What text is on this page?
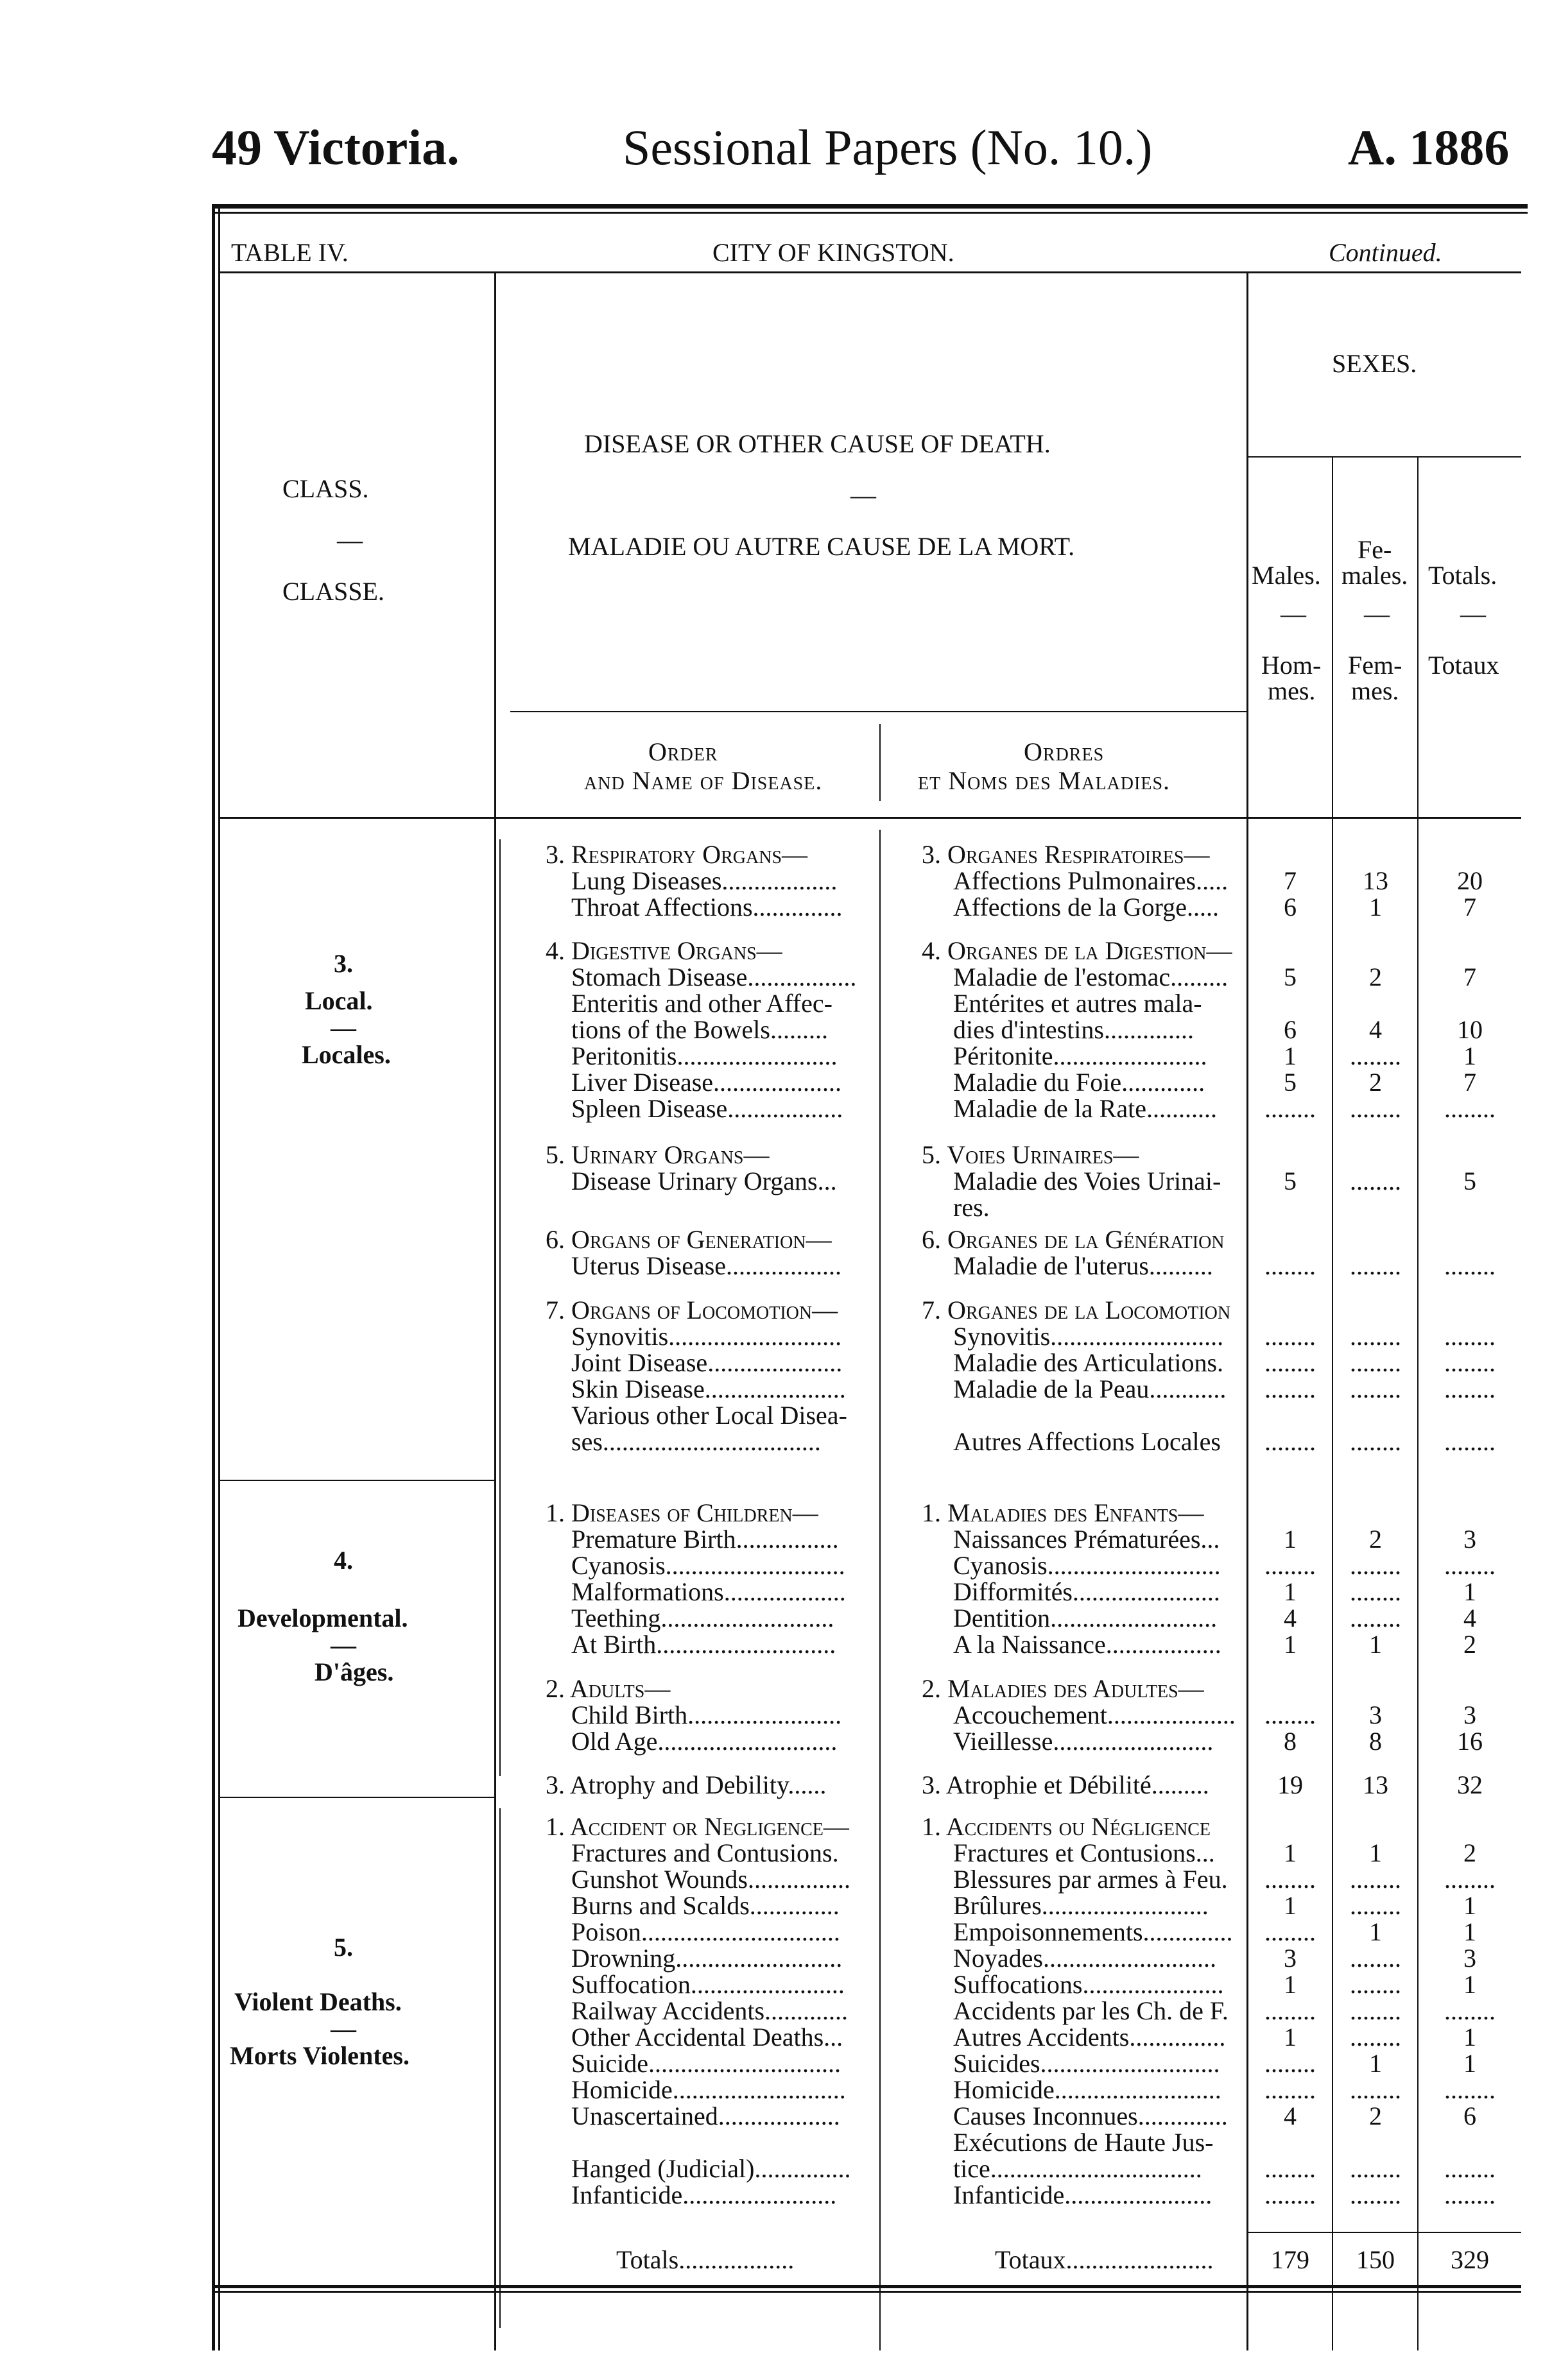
49 Victoria.	Sessional Papers (No. 10.)	A. 1886
TABLE IV.	CITY OF KINGSTON.	Continued.
CLASS.
—
CLASSE.
DISEASE OR OTHER CAUSE OF DEATH.
—
MALADIE OU AUTRE CAUSE DE LA MORT.
Order
and Name of Disease.
Ordres
et Noms des Maladies.
SEXES.
Males.
—
Hom-
mes.
Fe-
males.
—
Fem-
mes.
Totals.
—
Totaux
3.
Local.
—
Locales.
4.
Developmental.
—
D'âges.
5.
Violent Deaths.
—
Morts Violentes.
3. Respiratory Organs—	3. Organes Respiratoires—
Lung Diseases..................	Affections Pulmonaires.....	7	13	20
Throat Affections..............	Affections de la Gorge.....	6	1	7
4. Digestive Organs—	4. Organes de la Digestion—
Stomach Disease.................	Maladie de l'estomac.........	5	2	7
Enteritis and other Affec-	Entérites et autres mala-
tions of the Bowels.........	dies d'intestins..............	6	4	10
Peritonitis.........................	Péritonite........................	1	........	1
Liver Disease....................	Maladie du Foie.............	5	2	7
Spleen Disease..................	Maladie de la Rate...........	........	........	........
5. Urinary Organs—	5. Voies Urinaires—
Disease Urinary Organs...	Maladie des Voies Urinai-	5	........	5
res.
6. Organs of Generation—	6. Organes de la Génération
Uterus Disease..................	Maladie de l'uterus..........	........	........	........
7. Organs of Locomotion—	7. Organes de la Locomotion
Synovitis...........................	Synovitis...........................	........	........	........
Joint Disease.....................	Maladie des Articulations.	........	........	........
Skin Disease......................	Maladie de la Peau............	........	........	........
Various other Local Disea-
ses..................................	Autres Affections Locales	........	........	........
1. Diseases of Children—	1. Maladies des Enfants—
Premature Birth................	Naissances Prématurées...	1	2	3
Cyanosis............................	Cyanosis...........................	........	........	........
Malformations...................	Difformités.......................	1	........	1
Teething...........................	Dentition..........................	4	........	4
At Birth............................	A la Naissance..................	1	1	2
2. Adults—	2. Maladies des Adultes—
Child Birth........................	Accouchement....................	........	3	3
Old Age............................	Vieillesse.........................	8	8	16
3. Atrophy and Debility......	3. Atrophie et Débilité.........	19	13	32
1. Accident or Negligence—	1. Accidents ou Négligence
Fractures and Contusions.	Fractures et Contusions...	1	1	2
Gunshot Wounds................	Blessures par armes à Feu.	........	........	........
Burns and Scalds..............	Brûlures..........................	1	........	1
Poison...............................	Empoisonnements..............	........	1	1
Drowning..........................	Noyades...........................	3	........	3
Suffocation........................	Suffocations......................	1	........	1
Railway Accidents.............	Accidents par les Ch. de F.	........	........	........
Other Accidental Deaths...	Autres Accidents...............	1	........	1
Suicide..............................	Suicides............................	........	1	1
Homicide...........................	Homicide..........................	........	........	........
Unascertained...................	Causes Inconnues..............	4	2	6
Exécutions de Haute Jus-
Hanged (Judicial)...............	tice.................................	........	........	........
Infanticide........................	Infanticide.......................	........	........	........
Totals..................	Totaux.......................	179	150	329
